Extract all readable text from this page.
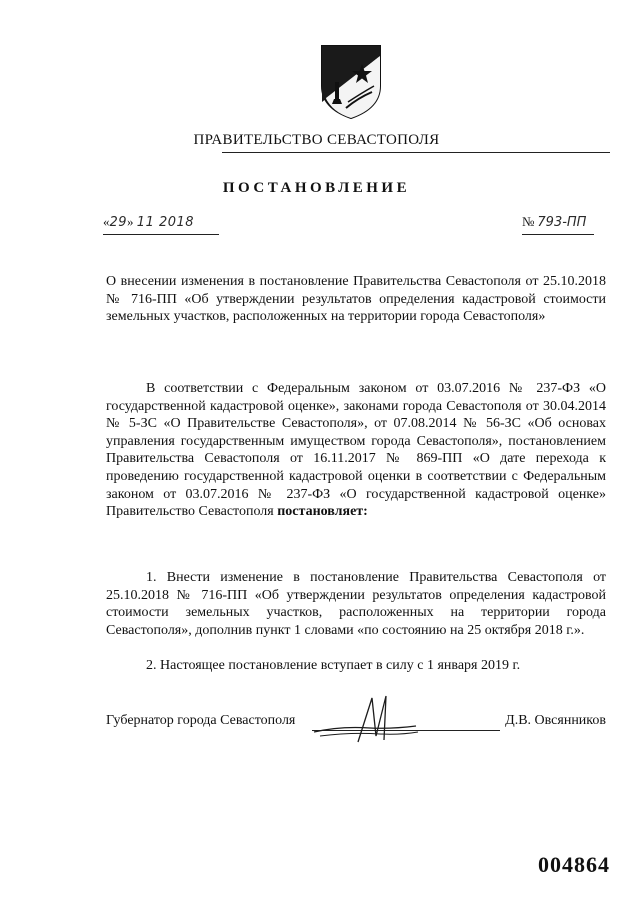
ПРАВИТЕЛЬСТВО СЕВАСТОПОЛЯ
ПОСТАНОВЛЕНИЕ
«29» 11 2018	№ 793-ПП
О внесении изменения в постановление Правительства Севастополя от 25.10.2018 № 716-ПП «Об утверждении результатов определения кадастровой стоимости земельных участков, расположенных на территории города Севастополя»
В соответствии с Федеральным законом от 03.07.2016 № 237-ФЗ «О государственной кадастровой оценке», законами города Севастополя от 30.04.2014 № 5-ЗС «О Правительстве Севастополя», от 07.08.2014 № 56-ЗС «Об основах управления государственным имуществом города Севастополя», постановлением Правительства Севастополя от 16.11.2017 № 869-ПП «О дате перехода к проведению государственной кадастровой оценки в соответствии с Федеральным законом от 03.07.2016 № 237-ФЗ «О государственной кадастровой оценке» Правительство Севастополя постановляет:
1. Внести изменение в постановление Правительства Севастополя от 25.10.2018 № 716-ПП «Об утверждении результатов определения кадастровой стоимости земельных участков, расположенных на территории города Севастополя», дополнив пункт 1 словами «по состоянию на 25 октября 2018 г.».
2. Настоящее постановление вступает в силу с 1 января 2019 г.
Губернатор города Севастополя	Д.В. Овсянников
004864
